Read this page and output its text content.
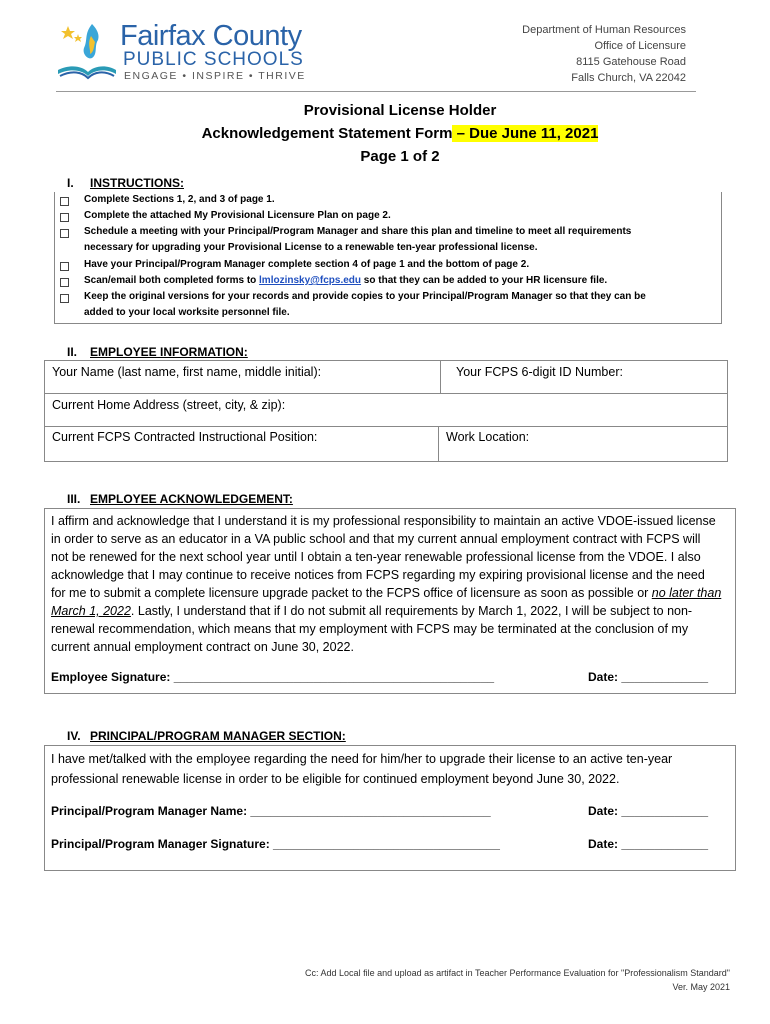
Fairfax County
PUBLIC SCHOOLS
ENGAGE • INSPIRE • THRIVE
Department of Human Resources
Office of Licensure
8115 Gatehouse Road
Falls Church, VA 22042
Provisional License Holder
Acknowledgement Statement Form – Due June 11, 2021
Page 1 of 2
I. INSTRUCTIONS:
Complete Sections 1, 2, and 3 of page 1.
Complete the attached My Provisional Licensure Plan on page 2.
Schedule a meeting with your Principal/Program Manager and share this plan and timeline to meet all requirements
necessary for upgrading your Provisional License to a renewable ten-year professional license.
Have your Principal/Program Manager complete section 4 of page 1 and the bottom of page 2.
Scan/email both completed forms to lmlozinsky@fcps.edu so that they can be added to your HR licensure file.
Keep the original versions for your records and provide copies to your Principal/Program Manager so that they can be
added to your local worksite personnel file.
II. EMPLOYEE INFORMATION:
Your Name (last name, first name, middle initial):	Your FCPS 6-digit ID Number:
Current Home Address (street, city, & zip):
Current FCPS Contracted Instructional Position:	Work Location:
III. EMPLOYEE ACKNOWLEDGEMENT:
I affirm and acknowledge that I understand it is my professional responsibility to maintain an active VDOE-issued license
in order to serve as an educator in a VA public school and that my current annual employment contract with FCPS will
not be renewed for the next school year until I obtain a ten-year renewable professional license from the VDOE. I also
acknowledge that I may continue to receive notices from FCPS regarding my expiring provisional license and the need
for me to submit a complete licensure upgrade packet to the FCPS office of licensure as soon as possible or no later than
March 1, 2022. Lastly, I understand that if I do not submit all requirements by March 1, 2022, I will be subject to non-
renewal recommendation, which means that my employment with FCPS may be terminated at the conclusion of my
current annual employment contract on June 30, 2022.
Employee Signature: ________________________________________________	Date: _____________
IV. PRINCIPAL/PROGRAM MANAGER SECTION:
I have met/talked with the employee regarding the need for him/her to upgrade their license to an active ten-year
professional renewable license in order to be eligible for continued employment beyond June 30, 2022.
Principal/Program Manager Name: ____________________________________	Date: _____________
Principal/Program Manager Signature: __________________________________	Date: _____________
Cc: Add Local file and upload as artifact in Teacher Performance Evaluation for "Professionalism Standard"
Ver. May 2021
